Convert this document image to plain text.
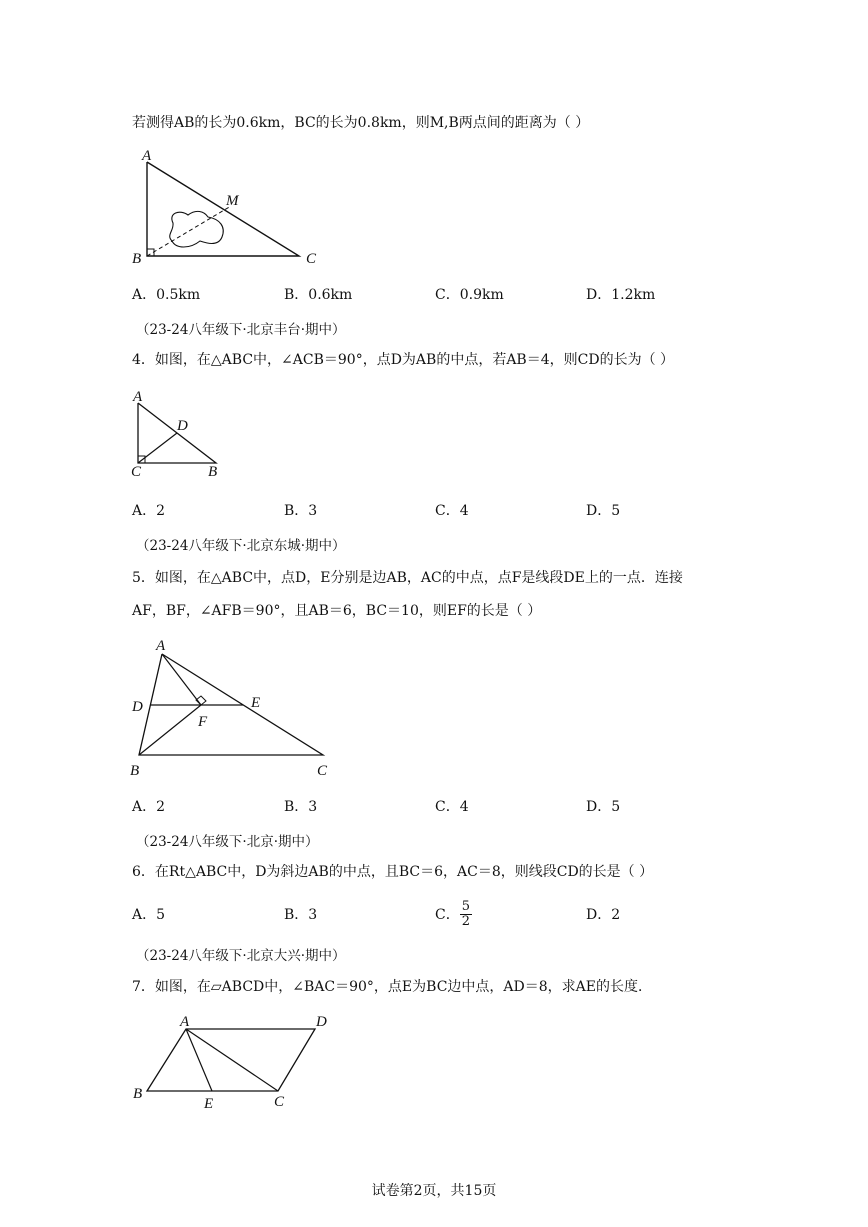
若测得AB的长为0.6km，BC的长为0.8km，则M,B两点间的距离为（ ）
A
M
B	C
A．0.5km	B．0.6km	C．0.9km	D．1.2km
（23-24八年级下·北京丰台·期中）
4．如图，在△ABC中，∠ACB＝90°，点D为AB的中点，若AB＝4，则CD的长为（ ）
A
D
C	B
A．2	B．3	C．4	D．5
（23-24八年级下·北京东城·期中）
5．如图，在△ABC中，点D，E分别是边AB，AC的中点，点F是线段DE上的一点．连接
AF，BF，∠AFB＝90°，且AB＝6，BC＝10，则EF的长是（ ）
A
D	E
F
B	C
A．2	B．3	C．4	D．5
（23-24八年级下·北京·期中）
6．在Rt△ABC中，D为斜边AB的中点，且BC＝6，AC＝8，则线段CD的长是（ ）
A．5	B．3	C． $\frac{5}{2}$	D．2
（23-24八年级下·北京大兴·期中）
7．如图，在▱ABCD中，∠BAC＝90°，点E为BC边中点，AD＝8，求AE的长度．
A	D
B
E	C
试卷第2页，共15页
